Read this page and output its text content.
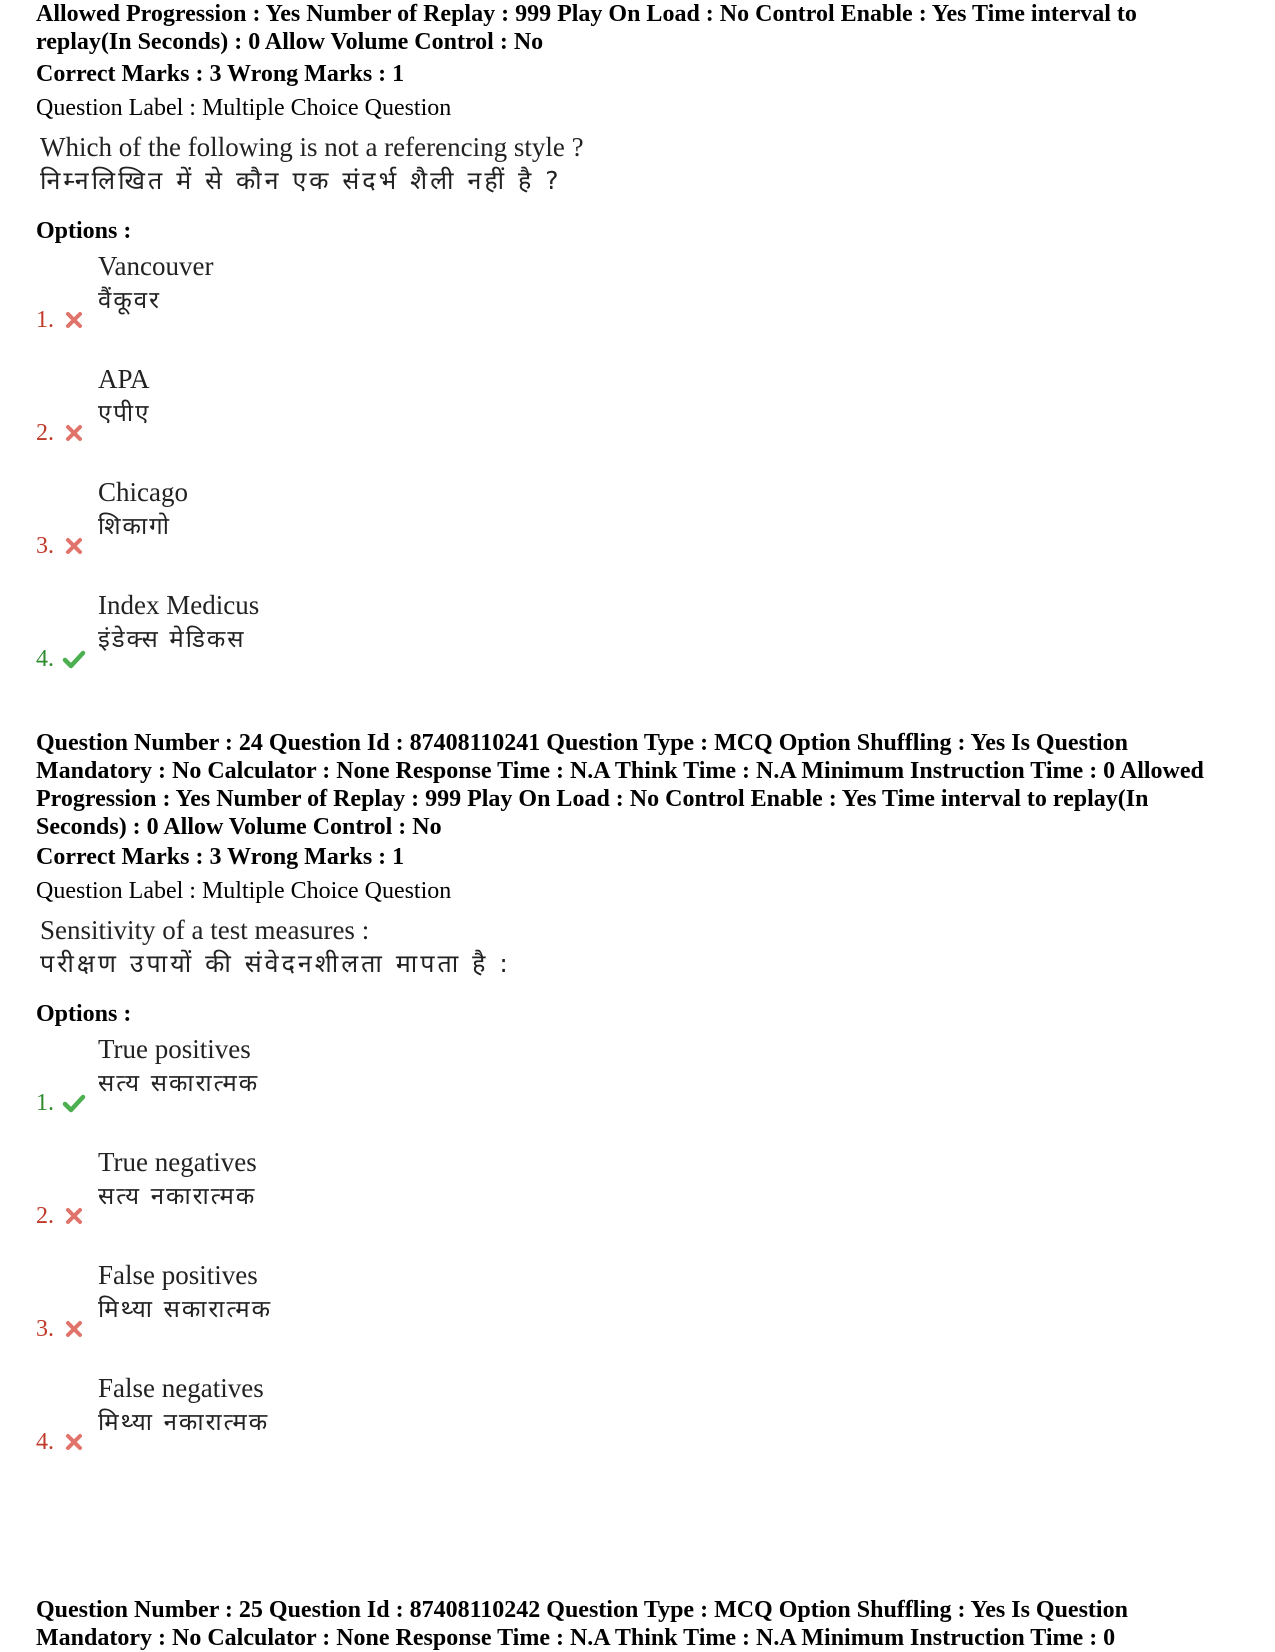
Allowed Progression : Yes Number of Replay : 999 Play On Load : No Control Enable : Yes Time interval to replay(In Seconds) : 0 Allow Volume Control : No
Correct Marks : 3 Wrong Marks : 1
Question Label : Multiple Choice Question
Which of the following is not a referencing style ?
निम्नलिखित में से कौन एक संदर्भ शैली नहीं है ?
Options :
1.
Vancouver
वैंकूवर
2.
APA
एपीए
3.
Chicago
शिकागो
4.
Index Medicus
इंडेक्स मेडिकस
Question Number : 24 Question Id : 87408110241 Question Type : MCQ Option Shuffling : Yes Is Question Mandatory : No Calculator : None Response Time : N.A Think Time : N.A Minimum Instruction Time : 0 Allowed Progression : Yes Number of Replay : 999 Play On Load : No Control Enable : Yes Time interval to replay(In Seconds) : 0 Allow Volume Control : No
Correct Marks : 3 Wrong Marks : 1
Question Label : Multiple Choice Question
Sensitivity of a test measures :
परीक्षण उपायों की संवेदनशीलता मापता है :
Options :
1.
True positives
सत्य सकारात्मक
2.
True negatives
सत्य नकारात्मक
3.
False positives
मिथ्या सकारात्मक
4.
False negatives
मिथ्या नकारात्मक
Question Number : 25 Question Id : 87408110242 Question Type : MCQ Option Shuffling : Yes Is Question Mandatory : No Calculator : None Response Time : N.A Think Time : N.A Minimum Instruction Time : 0
